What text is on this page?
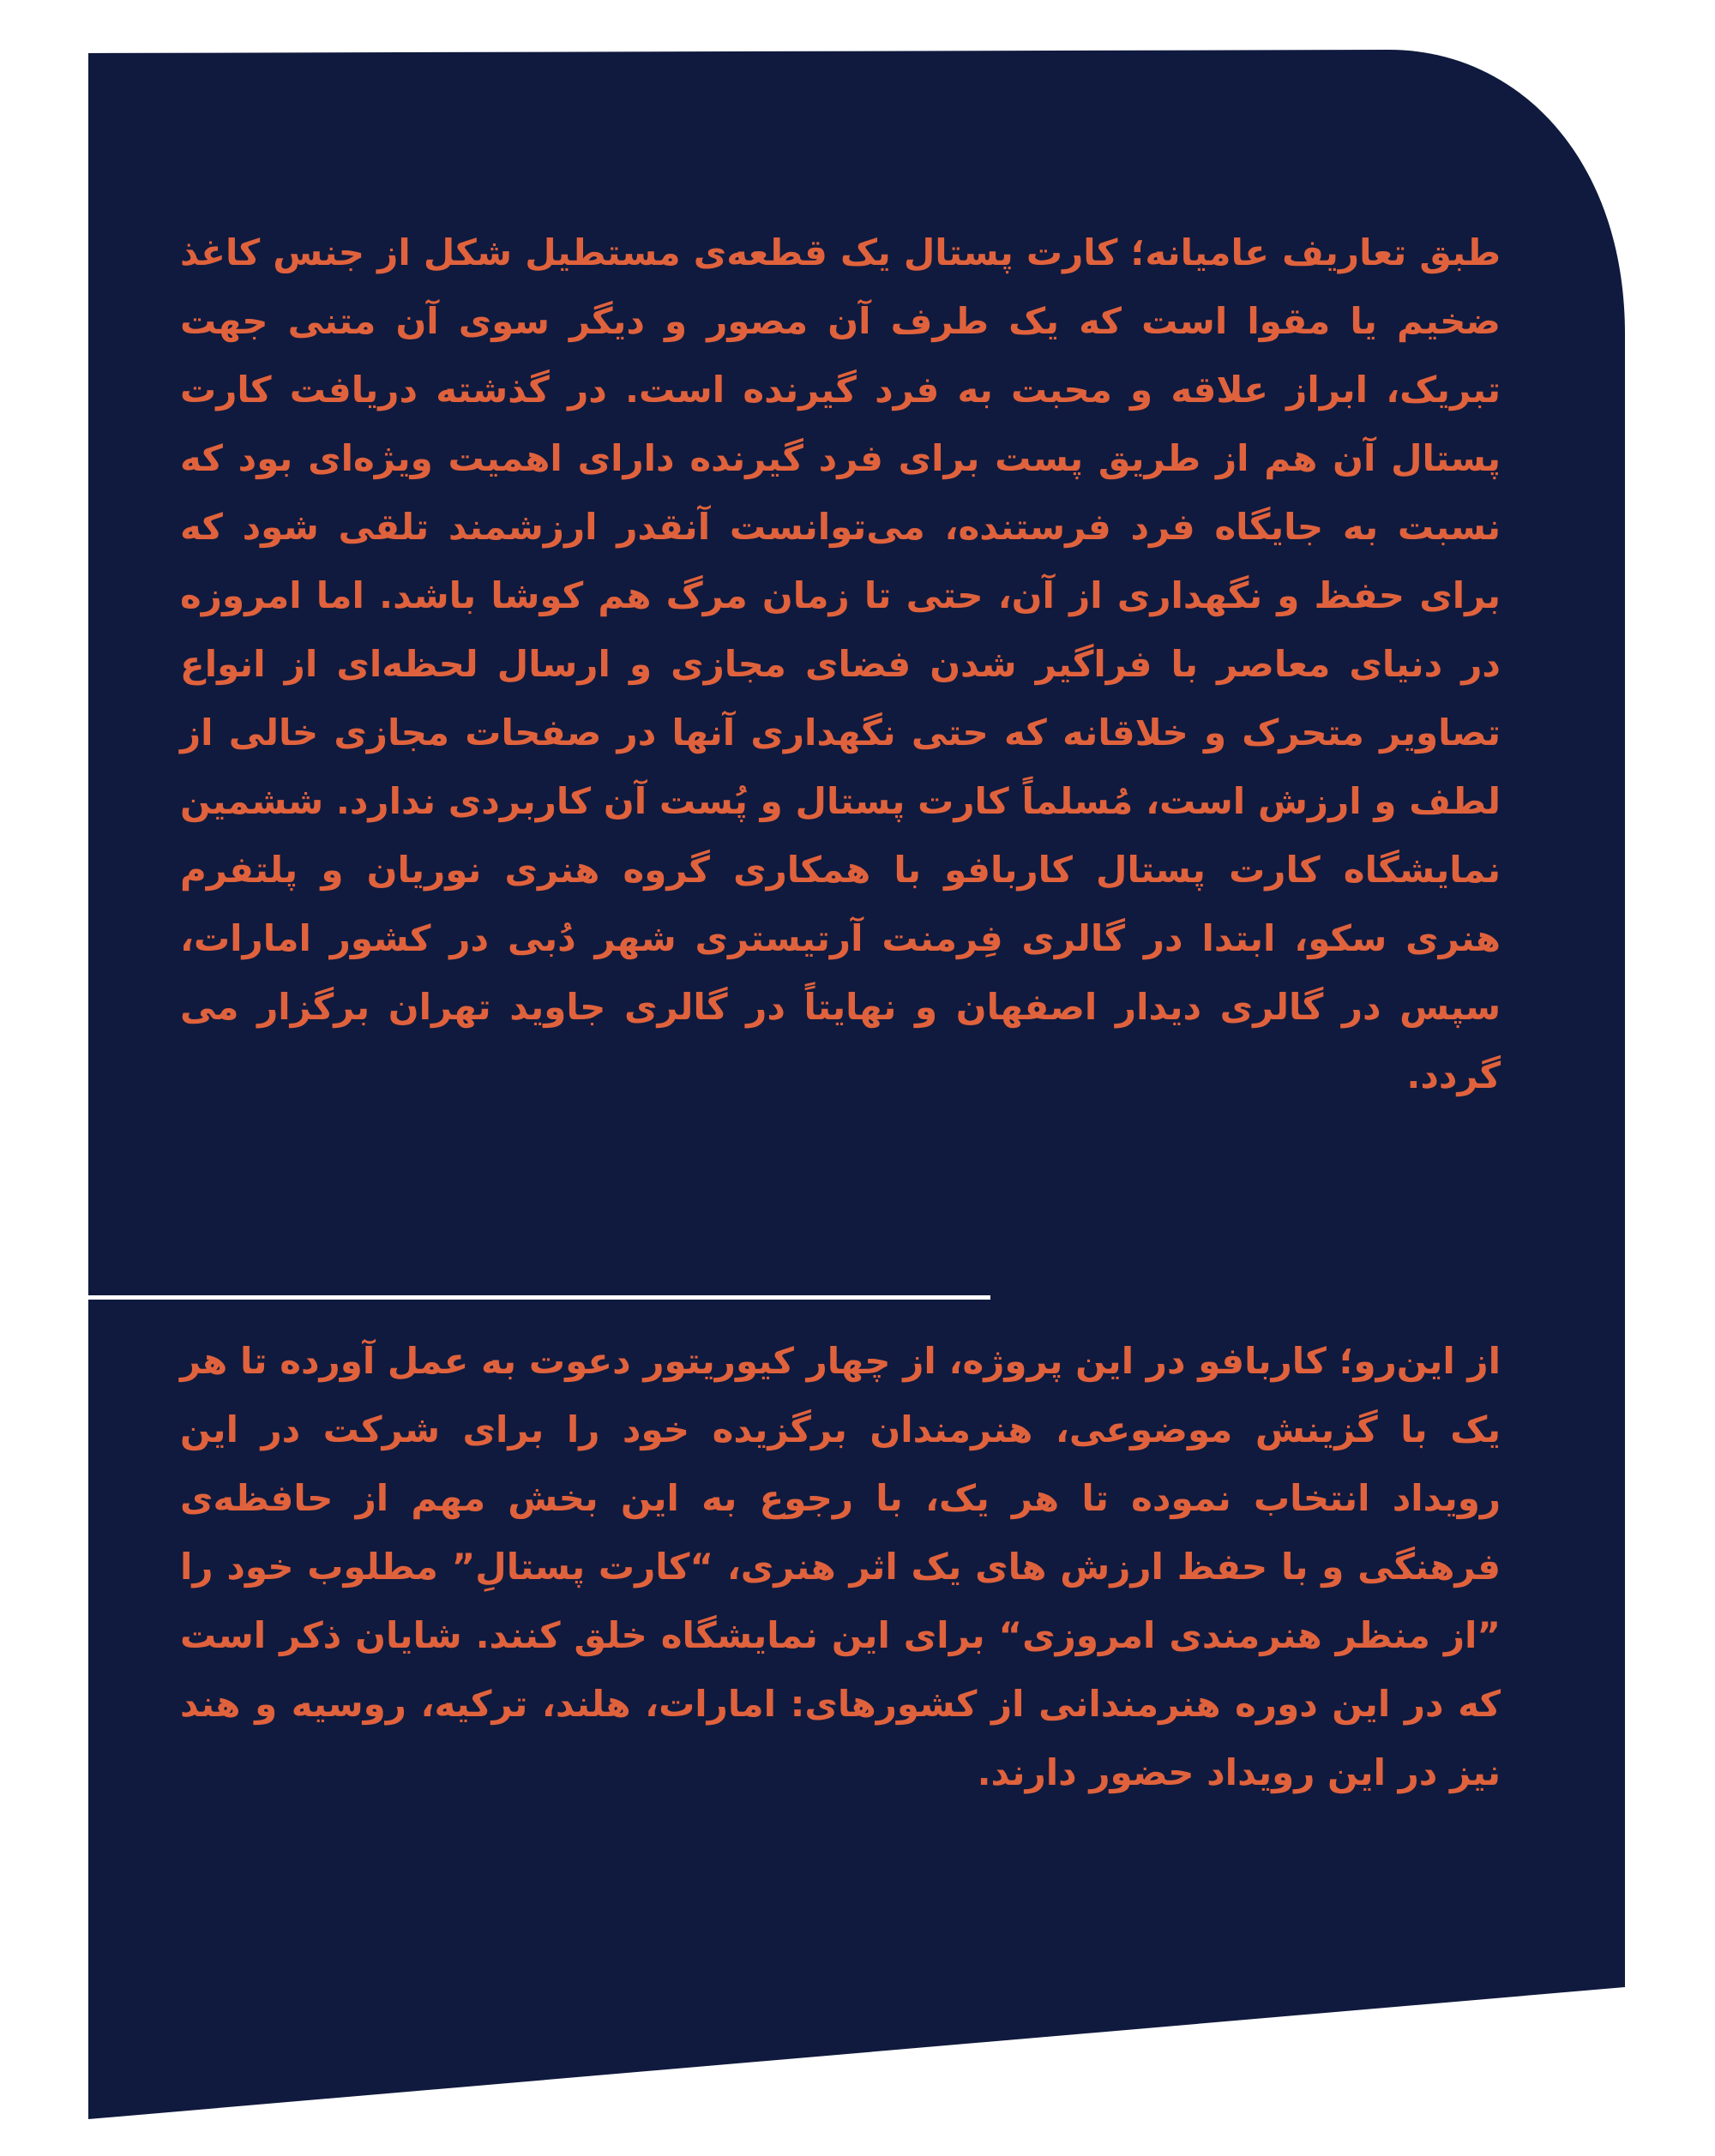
طبق تعاریف عامیانه؛ کارت پستال یک قطعه‌ی مستطیل شکل از جنس کاغذ ضخیم یا مقوا است که یک طرف آن مصور و دیگر سوی آن متنی جهت تبریک، ابراز علاقه و محبت به فرد گیرنده است. در گذشته دریافت کارت پستال آن هم از طریق پست برای فرد گیرنده دارای اهمیت ویژه‌ای بود که نسبت به جایگاه فرد فرستنده، می‌توانست آنقدر ارزشمند تلقی شود که برای حفظ و نگهداری از آن، حتی تا زمان مرگ هم کوشا باشد. اما امروزه در دنیای معاصر با فراگیر شدن فضای مجازی و ارسال لحظه‌ای از انواع تصاویر متحرک و خلاقانه که حتی نگهداری آنها در صفحات مجازی خالی از لطف و ارزش است، مُسلماً کارت پستال و پُست آن کاربردی ندارد. ششمین نمایشگاه کارت پستال کاربافو با همکاری گروه هنری نوریان و پلتفرم هنری سکو، ابتدا در گالری فِرمنت آرتیستری شهر دُبی در کشور امارات، سپس در گالری دیدار اصفهان و نهایتاً در گالری جاوید تهران برگزار می گردد.

از این‌رو؛ کاربافو در این پروژه، از چهار کیوریتور دعوت به عمل آورده تا هر یک با گزینش موضوعی، هنرمندان برگزیده خود را برای شرکت در این رویداد انتخاب نموده تا هر یک، با رجوع به این بخش مهم از حافظه‌ی فرهنگی و با حفظ ارزش های یک اثر هنری، “کارت پستالِ” مطلوب خود را ”از منظر هنرمندی امروزی“ برای این نمایشگاه خلق کنند. شایان ذکر است که در این دوره هنرمندانی از کشورهای: امارات، هلند، ترکیه، روسیه و هند نیز در این رویداد حضور دارند.
